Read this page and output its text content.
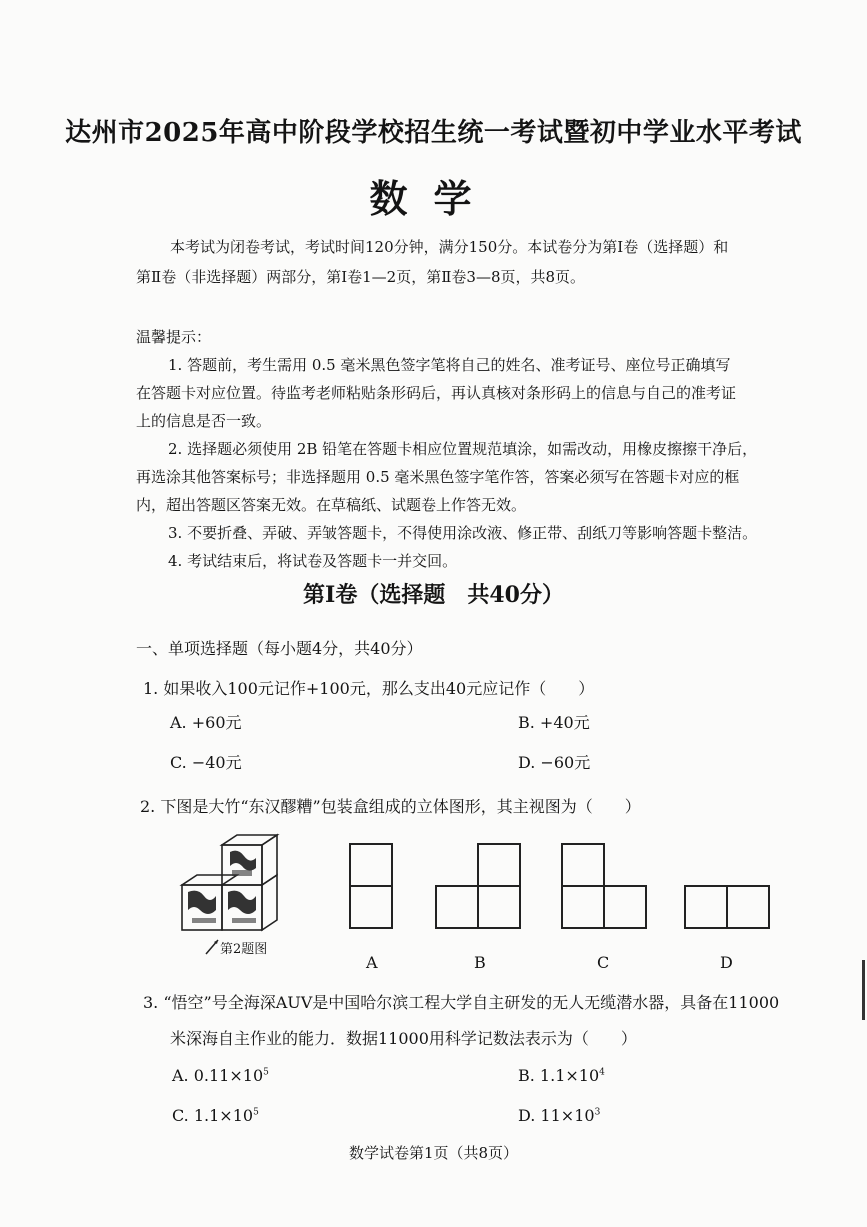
达州市2025年高中阶段学校招生统一考试暨初中学业水平考试
数学
本考试为闭卷考试，考试时间120分钟，满分150分。本试卷分为第Ⅰ卷（选择题）和
第Ⅱ卷（非选择题）两部分，第Ⅰ卷1—2页，第Ⅱ卷3—8页，共8页。
温馨提示：
1. 答题前，考生需用 0.5 毫米黑色签字笔将自己的姓名、准考证号、座位号正确填写
在答题卡对应位置。待监考老师粘贴条形码后，再认真核对条形码上的信息与自己的准考证
上的信息是否一致。
2. 选择题必须使用 2B 铅笔在答题卡相应位置规范填涂，如需改动，用橡皮擦擦干净后，
再选涂其他答案标号；非选择题用 0.5 毫米黑色签字笔作答，答案必须写在答题卡对应的框
内，超出答题区答案无效。在草稿纸、试题卷上作答无效。
3. 不要折叠、弄破、弄皱答题卡，不得使用涂改液、修正带、刮纸刀等影响答题卡整洁。
4. 考试结束后，将试卷及答题卡一并交回。
第Ⅰ卷（选择题　共40分）
一、单项选择题（每小题4分，共40分）
1. 如果收入100元记作+100元，那么支出40元应记作（　　）
A. +60元	B. +40元
C. −40元	D. −60元
2. 下图是大竹“东汉醪糟”包装盒组成的立体图形，其主视图为（　　）
第2题图
A	B	C	D
3. “悟空”号全海深AUV是中国哈尔滨工程大学自主研发的无人无缆潜水器，具备在11000
米深海自主作业的能力．数据11000用科学记数法表示为（　　）
A. $0.11\times 10^5$	B. $1.1\times 10^4$
C. $1.1\times 10^5$	D. $11\times 10^3$
数学试卷第1页（共8页）
